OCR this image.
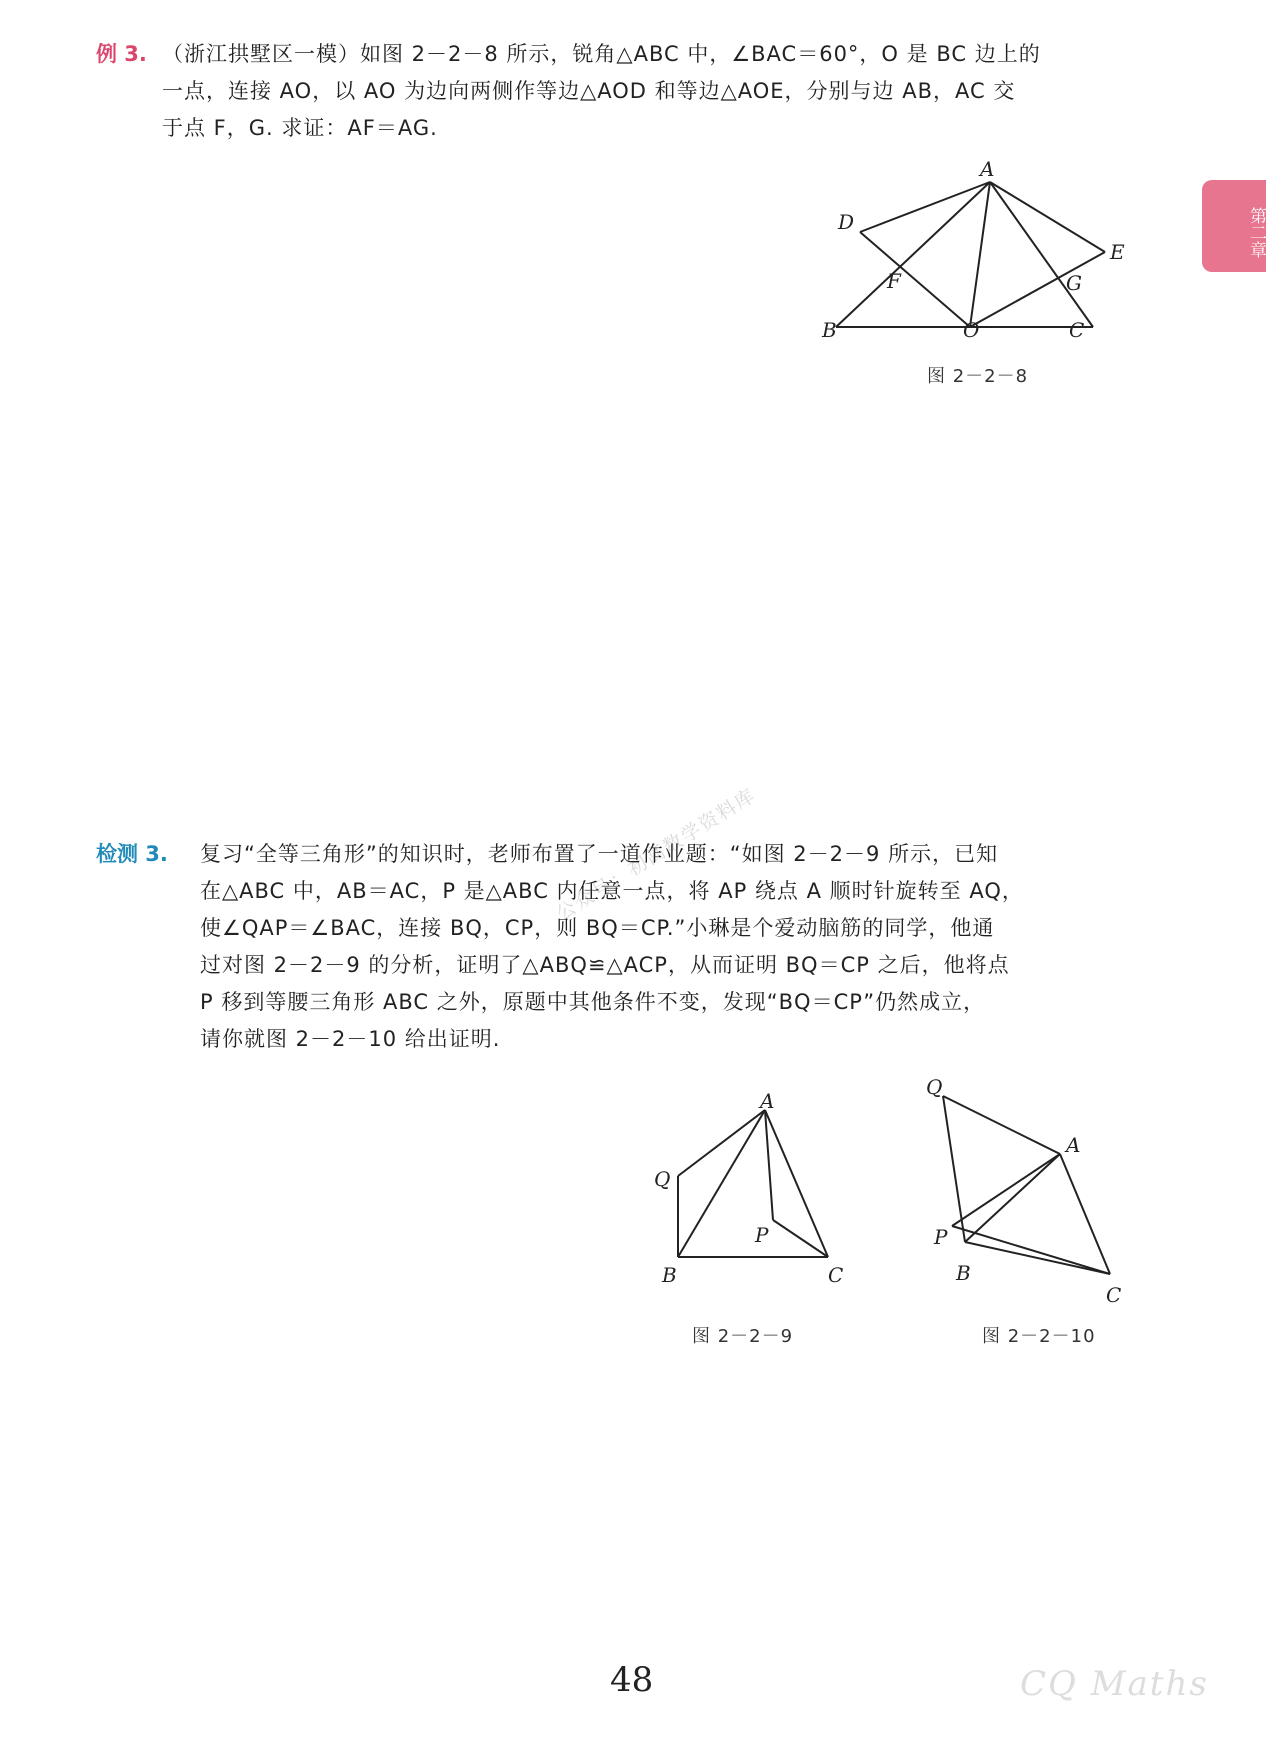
第二章
例 3. （浙江拱墅区一模）如图 2－2－8 所示，锐角△ABC 中，∠BAC＝60°，O 是 BC 边上的

一点，连接 AO，以 AO 为边向两侧作等边△AOD 和等边△AOE，分别与边 AB，AC 交

于点 F，G. 求证：AF＝AG.

A
D
E
F	G
B	O	C
图 2－2－8
公众号：初高数学资料库
检测 3. 复习“全等三角形”的知识时，老师布置了一道作业题：“如图 2－2－9 所示，已知

在△ABC 中，AB＝AC，P 是△ABC 内任意一点，将 AP 绕点 A 顺时针旋转至 AQ，

使∠QAP＝∠BAC，连接 BQ，CP，则 BQ＝CP.”小琳是个爱动脑筋的同学，他通

过对图 2－2－9 的分析，证明了△ABQ≌△ACP，从而证明 BQ＝CP 之后，他将点

P 移到等腰三角形 ABC 之外，原题中其他条件不变，发现“BQ＝CP”仍然成立，

请你就图 2－2－10 给出证明.

A
Q
P
B	C
图 2－2－9
Q
A
P
B
C
图 2－2－10
48	CQ Maths
